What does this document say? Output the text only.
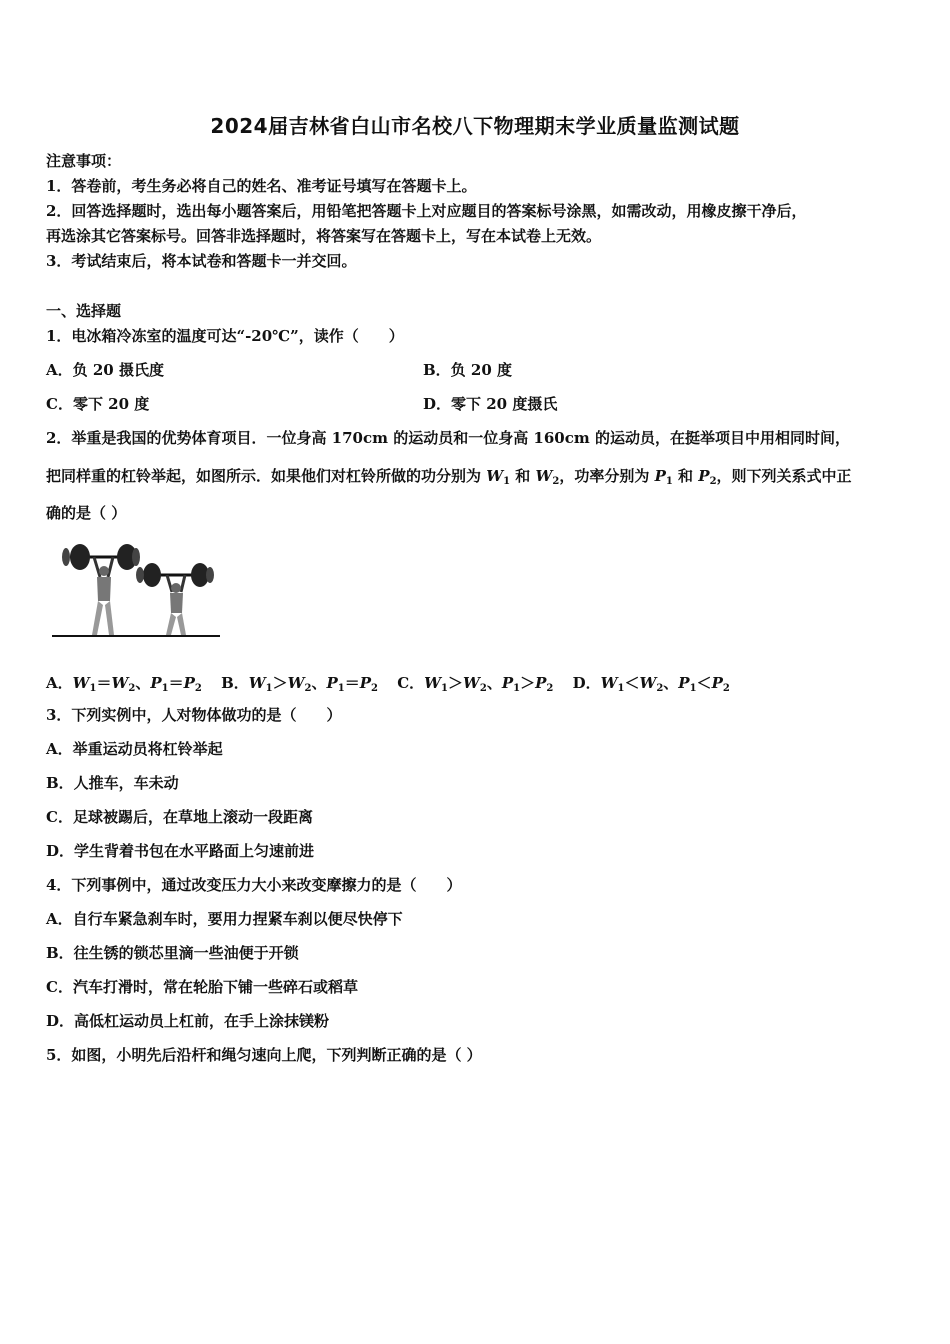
2024届吉林省白山市名校八下物理期末学业质量监测试题
注意事项：
1．答卷前，考生务必将自己的姓名、准考证号填写在答题卡上。
2．回答选择题时，选出每小题答案后，用铅笔把答题卡上对应题目的答案标号涂黑，如需改动，用橡皮擦干净后，
再选涂其它答案标号。回答非选择题时，将答案写在答题卡上，写在本试卷上无效。
3．考试结束后，将本试卷和答题卡一并交回。
一、选择题
1．电冰箱冷冻室的温度可达“-20℃”，读作（　　）
A．负 20 摄氏度	B．负 20 度
C．零下 20 度	D．零下 20 度摄氏
2．举重是我国的优势体育项目．一位身高 170cm 的运动员和一位身高 160cm 的运动员，在挺举项目中用相同时间，
把同样重的杠铃举起，如图所示．如果他们对杠铃所做的功分别为 $W_1$ 和 $W_2$，功率分别为 $P_1$ 和 $P_2$，则下列关系式中正
确的是（ ）
A．$W_1=W_2$、$P_1=P_2$ B．$W_1>W_2$、$P_1=P_2$ C．$W_1>W_2$、$P_1>P_2$ D．$W_1<W_2$、$P_1<P_2$
3．下列实例中，人对物体做功的是（　　）
A．举重运动员将杠铃举起
B．人推车，车未动
C．足球被踢后，在草地上滚动一段距离
D．学生背着书包在水平路面上匀速前进
4．下列事例中，通过改变压力大小来改变摩擦力的是（　　）
A．自行车紧急刹车时，要用力捏紧车刹以便尽快停下
B．往生锈的锁芯里滴一些油便于开锁
C．汽车打滑时，常在轮胎下铺一些碎石或稻草
D．高低杠运动员上杠前，在手上涂抹镁粉
5．如图，小明先后沿杆和绳匀速向上爬，下列判断正确的是（ ）
